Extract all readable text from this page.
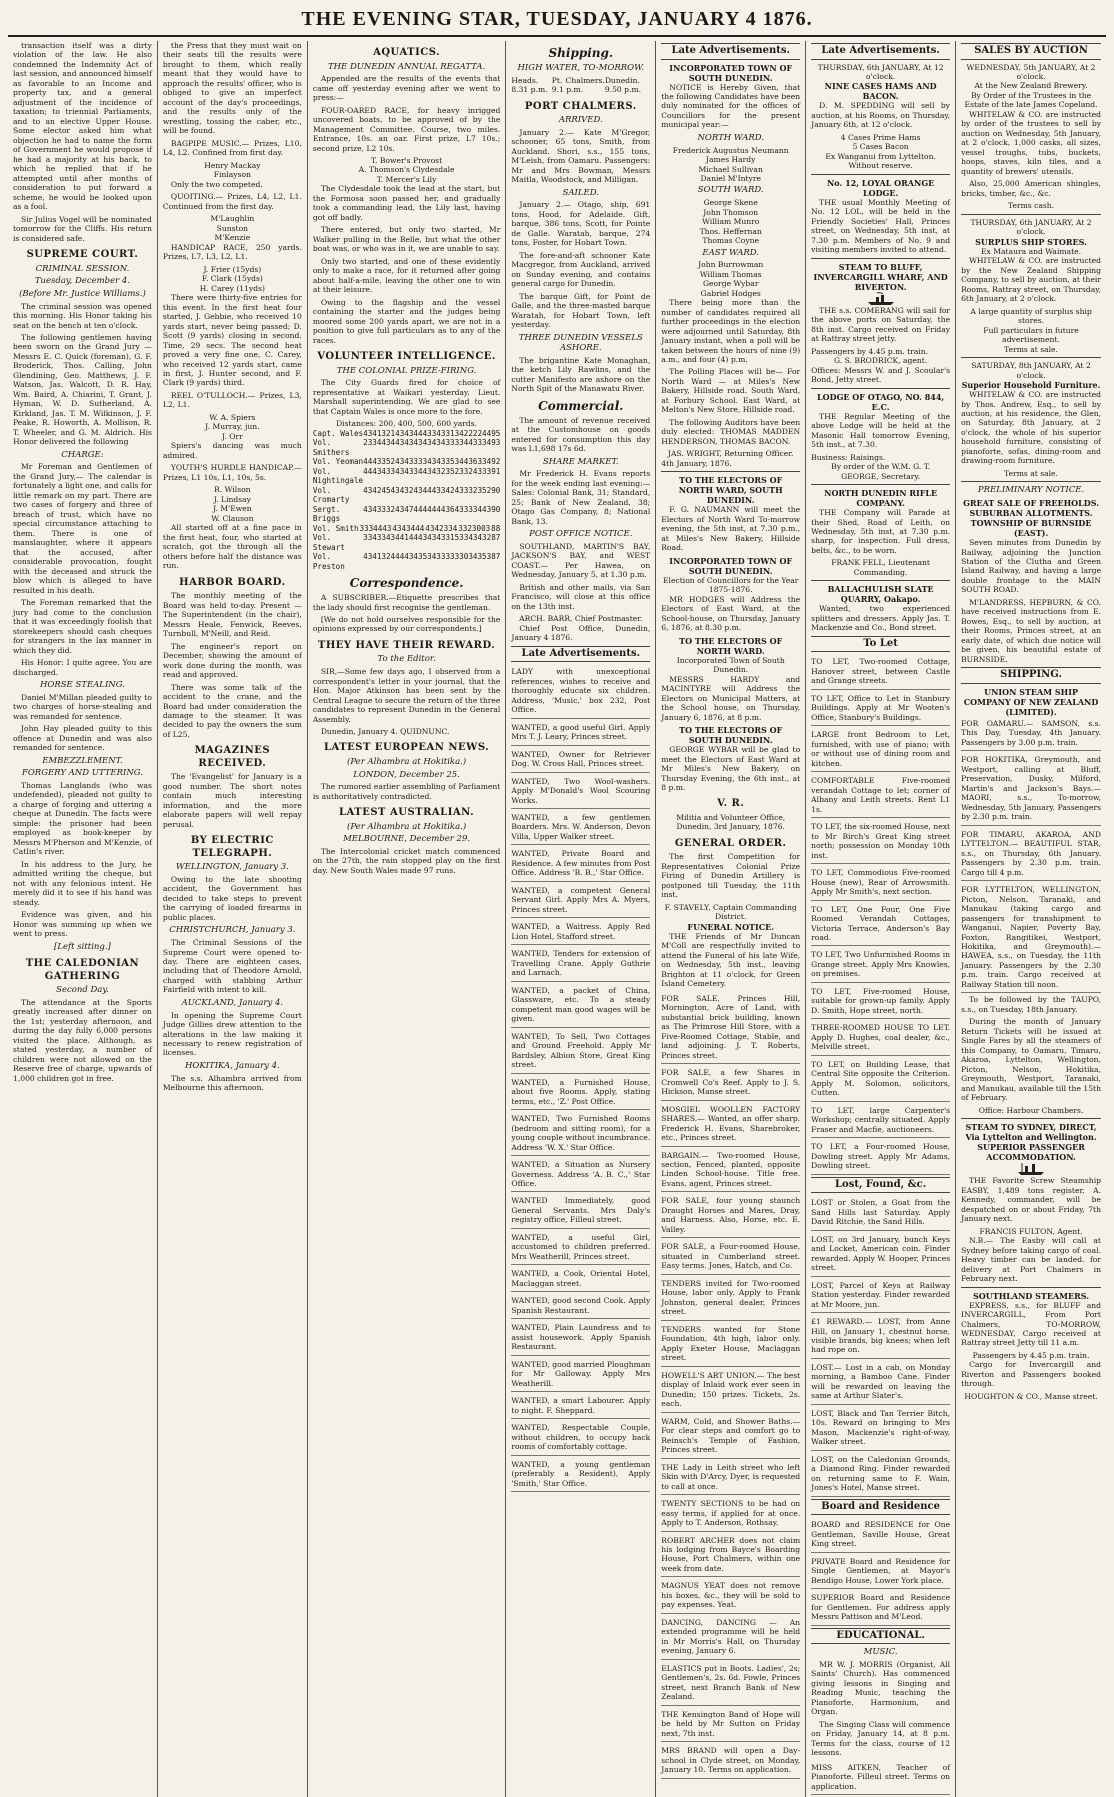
THE EVENING STAR, TUESDAY, JANUARY 4 1876.

transaction itself was a dirty violation of the law. He also condemned the Indemnity Act of last session, and announced himself as favorable to an Income and property tax, and a general adjustment of the incidence of taxation; to triennial Parliaments, and to an elective Upper House. Some elector asked him what objection he had to name the form of Government he would propose if he had a majority at his back, to which he replied that if he attempted until after months of consideration to put forward a scheme, he would be looked upon as a fool.

Sir Julius Vogel will be nominated tomorrow for the Cliffs. His return is considered safe.

SUPREME COURT.
CRIMINAL SESSION.
Tuesday, December 4.
(Before Mr. Justice Williams.)

The criminal session was opened this morning. His Honor taking his seat on the bench at ten o'clock.

The following gentlemen having been sworn on the Grand Jury — Messrs E. C. Quick (foreman), G. F. Broderick, Thos. Calling, John Glendining, Geo. Matthews, J. F. Watson, Jas. Walcott, D. R. Hay, Wm. Baird, A. Chiarini, T. Grant, J. Hyman, W. D. Sutherland, A. Kirkland, Jas. T. M. Wilkinson, J. F. Peake, R. Howorth, A. Mollison, R. T. Wheeler, and G. M. Aldrich. His Honor delivered the following

CHARGE:

Mr Foreman and Gentlemen of the Grand Jury,— The calendar is fortunately a light one, and calls for little remark on my part. There are two cases of forgery and three of breach of trust, which have no special circumstance attaching to them. There is one of manslaughter, where it appears that the accused, after considerable provocation, fought with the deceased and struck the blow which is alleged to have resulted in his death.

The Foreman remarked that the jury had come to the conclusion that it was exceedingly foolish that storekeepers should cash cheques for strangers in the lax manner in which they did.

His Honor: I quite agree. You are discharged.

HORSE STEALING.

Daniel M'Millan pleaded guilty to two charges of horse-stealing and was remanded for sentence.

John Hay pleaded guilty to this offence at Dunedin and was also remanded for sentence.

EMBEZZLEMENT.
FORGERY AND UTTERING.

Thomas Langlands (who was undefended), pleaded not guilty to a charge of forging and uttering a cheque at Dunedin. The facts were simple: the prisoner had been employed as book-keeper by Messrs M'Pherson and M'Kenzie, of Catlin's river.

In his address to the Jury, he admitted writing the cheque, but not with any felonious intent. He merely did it to see if his hand was steady.

Evidence was given, and his Honor was summing up when we went to press.

[Left sitting.]
THE CALEDONIAN GATHERING
Second Day.

The attendance at the Sports greatly increased after dinner on the 1st; yesterday afternoon, and during the day fully 6,000 persons visited the place. Although, as stated yesterday, a number of children were not allowed on the Reserve free of charge, upwards of 1,000 children got in free.

the Press that they must wait on their seats till the results were brought to them, which really meant that they would have to approach the results' officer, who is obliged to give an imperfect account of the day's proceedings, and the results only of the wrestling, tossing the caber, etc., will be found.

BAGPIPE MUSIC.— Prizes, L10, L4, L2. Confined from first day.

Henry Mackay
Finlayson

Only the two competed.

QUOITING.— Prizes, L4, L2, L1. Continued from the first day.

M'Laughlin
Sunston
M'Kenzie

HANDICAP RACE, 250 yards. Prizes, L7, L3, L2, L1.

J. Frier (15yds)
F. Clark (15yds)
H. Carey (11yds)

There were thirty-five entries for this event. In the first heat four started, J. Gebbie, who received 10 yards start, never being passed; D. Scott (9 yards) closing in second. Time, 29 secs. The second heat proved a very fine one, C. Carey, who received 12 yards start, came in first, J. Hunter second, and F. Clark (9 yards) third.

REEL O'TULLOCH.— Prizes, L3, L2, L1.

W. A. Spiers
J. Murray, jun.
J. Orr

Spiers's dancing was much admired.

YOUTH'S HURDLE HANDICAP.— Prizes, L1 10s, L1, 10s, 5s.

R. Wilson
J. Lindsay
J. M'Ewen
W. Clauson

All started off at a fine pace in the first heat, four, who started at scratch, got the through all the others before half the distance was run.

HARBOR BOARD.

The monthly meeting of the Board was held to-day. Present — The Superintendent (in the chair), Messrs Heale, Fenwick, Reeves, Turnbull, M'Neill, and Reid.

The engineer's report on December, showing the amount of work done during the month, was read and approved.

There was some talk of the accident to the crane, and the Board had under consideration the damage to the steamer. It was decided to pay the owners the sum of L25.

MAGAZINES RECEIVED.

The 'Evangelist' for January is a good number. The short notes contain much interesting information, and the more elaborate papers will well repay perusal.

BY ELECTRIC TELEGRAPH.
WELLINGTON, January 3.

Owing to the late shooting accident, the Government has decided to take steps to prevent the carrying of loaded firearms in public places.

CHRISTCHURCH, January 3.

The Criminal Sessions of the Supreme Court were opened to-day. There are eighteen cases, including that of Theodore Arnold, charged with stabbing Arthur Fairfield with intent to kill.

AUCKLAND, January 4.

In opening the Supreme Court Judge Gillies drew attention to the alterations in the law making it necessary to renew registration of licenses.

HOKITIKA, January 4.

The s.s. Alhambra arrived from Melbourne this afternoon.

AQUATICS.
THE DUNEDIN ANNUAL REGATTA.

Appended are the results of the events that came off yesterday evening after we went to press:—

FOUR-OARED RACE, for heavy inrigged uncovered boats, to be approved of by the Management Committee. Course, two miles. Entrance, 10s. an oar. First prize, L7 10s.; second prize, L2 10s.

T. Bower's Provost
A. Thomson's Clydesdale
T. Mercer's Lily

The Clydesdale took the lead at the start, but the Formosa soon passed her, and gradually took a commanding lead, the Lily last, having got off badly.

There entered, but only two started, Mr Walker pulling in the Belle, but what the other boat was, or who was in it, we are unable to say.

Only two started, and one of these evidently only to make a race, for it returned after going about half-a-mile, leaving the other one to win at their leisure.

Owing to the flagship and the vessel containing the starter and the judges being moored some 200 yards apart, we are not in a position to give full particulars as to any of the races.

VOLUNTEER INTELLIGENCE.
THE COLONIAL PRIZE-FIRING.

The City Guards fired for choice of representative at Waikari yesterday. Lieut. Marshall superintending. We are glad to see that Captain Wales is once more to the fore.

Distances: 200, 400, 500, 600 yards.
Capt. Wales 4341321 4343444 3343313 4222244 95
Vol. Smithers
2334434 4343434 3434333 3443334 93
Vol. Yeoman 4443352 4343333 4343353 4436334 92
Vol. Nightingale
4443433 4343344 3432352 3324333 91
Vol. Cromarty
4342454 3432434 4433424 3332352 90
Sergt. Briggs
4343332 4347444 4444364 3333443 90
Vol. Smith 3334443 4343444 4342334 3323003 88
Vol. Stewart
3343343 4414443 4343315 3343432 87
Vol. Preston
4341324 4443435 3433333 3034353 87
Correspondence.

A SUBSCRIBER.—Etiquette prescribes that the lady should first recognise the gentleman.

[We do not hold ourselves responsible for the opinions expressed by our correspondents.]

THEY HAVE THEIR REWARD.
To the Editor.

SIR,—Some few days ago, I observed from a correspondent's letter in your journal, that the Hon. Major Atkinson has been sent by the Central League to secure the return of the three candidates to represent Dunedin in the General Assembly.

Dunedin, January 4. QUIDNUNC.

LATEST EUROPEAN NEWS.
(Per Alhambra at Hokitika.)
LONDON, December 25.

The rumored earlier assembling of Parliament is authoritatively contradicted.

LATEST AUSTRALIAN.
(Per Alhambra at Hokitika.)
MELBOURNE, December 29.

The Intercolonial cricket match commenced on the 27th, the rain stopped play on the first day. New South Wales made 97 runs.

Shipping.
HIGH WATER, TO-MORROW.
Heads. 8.31 p.m.
Pt. Chalmers. 9.1 p.m.
Dunedin. 9.50 p.m.
PORT CHALMERS.
ARRIVED.

January 2.— Kate M'Gregor, schooner, 65 tons, Smith, from Auckland. Shori, s.s., 155 tons, M'Leish, from Oamaru. Passengers: Mr and Mrs Bowman, Messrs Maitla, Woodstock, and Milligan.

SAILED.

January 2.— Otago, ship, 691 tons, Hood, for Adelaide. Gift, barque, 386 tons, Scott, for Pointe de Galle. Waratah, barque, 274 tons, Foster, for Hobart Town.

The fore-and-aft schooner Kate Macgregor, from Auckland, arrived on Sunday evening, and contains general cargo for Dunedin.

The barque Gift, for Point de Galle, and the three-masted barque Waratah, for Hobart Town, left yesterday.

THREE DUNEDIN VESSELS ASHORE.

The brigantine Kate Monaghan, the ketch Lily Rawlins, and the cutter Manifesto are ashore on the North Spit of the Manawatu River.

Commercial.

The amount of revenue received at the Customhouse on goods entered for consumption this day was L1,698 17s 6d.

SHARE MARKET.

Mr Frederick H. Evans reports for the week ending last evening:— Sales: Colonial Bank, 31; Standard, 25; Bank of New Zealand, 38; Otago Gas Company, 8; National Bank, 13.

POST OFFICE NOTICE.

SOUTHLAND, MARTIN'S BAY, JACKSON'S BAY, and WEST COAST.— Per Hawea, on Wednesday, January 5, at 1.30 p.m.

British and other mails, via San Francisco, will close at this office on the 13th inst.

ARCH. BARR, Chief Postmaster.

Chief Post Office, Dunedin, January 4 1876.

Late Advertisements.
LADY with unexceptional references, wishes to receive and thoroughly educate six children. Address, 'Music,' box 232, Post Office.
WANTED, a good useful Girl. Apply Mrs T. J. Leary, Princes street.
WANTED, Owner for Retriever Dog. W. Cross Hall, Princes street.
WANTED, Two Wool-washers. Apply M'Donald's Wool Scouring Works.
WANTED, a few gentlemen Boarders. Mrs. W. Anderson, Devon Villa, Upper Walker street.
WANTED, Private Board and Residence. A few minutes from Post Office. Address 'B. B.,' Star Office.
WANTED, a competent General Servant Girl. Apply Mrs A. Myers, Princes street.
WANTED, a Waitress. Apply Red Lion Hotel, Stafford street.
WANTED, Tenders for extension of Travelling Crane. Apply Guthrie and Larnach.
WANTED, a packet of China, Glassware, etc. To a steady competent man good wages will be given.
WANTED, To Sell, Two Cottages and Ground Freehold. Apply Mr Bardsley, Albion Store, Great King street.
WANTED, a Furnished House, about five Rooms. Apply, stating terms, etc., 'Z.' Post Office.
WANTED, Two Furnished Rooms (bedroom and sitting room), for a young couple without incumbrance. Address 'W. X.' Star Office.
WANTED, a Situation as Nursery Governess. Address 'A. B. C.,' Star Office.
WANTED Immediately, good General Servants. Mrs Daly's registry office, Filleul street.
WANTED, a useful Girl, accustomed to children preferred. Mrs Weatherill, Princes street.
WANTED, a Cook, Oriental Hotel, Maclaggan street.
WANTED, good second Cook. Apply Spanish Restaurant.
WANTED, Plain Laundress and to assist housework. Apply Spanish Restaurant.
WANTED, good married Ploughman for Mr Galloway. Apply Mrs Weatherill.
WANTED, a smart Labourer. Apply to night. F. Sheppard.
WANTED, Respectable Couple, without children, to occupy back rooms of comfortably cottage.
WANTED, a young gentleman (preferably a Resident), Apply 'Smith,' Star Office.
Late Advertisements.
INCORPORATED TOWN OF SOUTH DUNEDIN.

NOTICE is Hereby Given, that the following Candidates have been duly nominated for the offices of Councillors for the present municipal year:—

NORTH WARD.
Frederick Augustus Neumann
James Hardy
Michael Sullivan
Daniel M'Intyre
SOUTH WARD.
George Skene
John Thomson
William Munro
Thos. Heffernan
Thomas Coyne
EAST WARD.
John Burrowman
William Thomas
George Wybar
Gabriel Hodges

There being more than the number of candidates required all further proceedings in the election were adjourned until Saturday, 8th January instant, when a poll will be taken between the hours of nine (9) a.m., and four (4) p.m.

The Polling Places will be— For North Ward — at Miles's New Bakery, Hillside road. South Ward, at Forbury School. East Ward, at Melton's New Store, Hillside road.

The following Auditors have been duly elected: THOMAS MADDEN HENDERSON, THOMAS BACON.

JAS. WRIGHT, Returning Officer.
4th January, 1876.
TO THE ELECTORS OF NORTH WARD, SOUTH DUNEDIN.

F. G. NAUMANN will meet the Electors of North Ward To-morrow evening, the 5th inst, at 7.30 p.m., at Miles's New Bakery, Hillside Road.

INCORPORATED TOWN OF SOUTH DUNEDIN.
Election of Councillors for the Year 1875-1876.

MR HODGES will Address the Electors of East Ward, at the School-house, on Thursday, January 6, 1876, at 8.30 p.m.

TO THE ELECTORS OF NORTH WARD.
Incorporated Town of South Dunedin.

MESSRS HARDY and MACINTYRE will Address the Electors on Municipal Matters, at the School house, on Thursday, January 6, 1876, at 8 p.m.

TO THE ELECTORS OF SOUTH DUNEDIN.

GEORGE WYBAR will be glad to meet the Electors of East Ward at Mr Miles's New Bakery, on Thursday Evening, the 6th inst., at 8 p.m.

V. R.
Militia and Volunteer Office, Dunedin, 3rd January, 1876.
GENERAL ORDER.

The first Competition for Representatives Colonial Prize Firing of Dunedin Artillery is postponed till Tuesday, the 11th inst.

F. STAVELY, Captain Commanding District.
FUNERAL NOTICE.

THE Friends of Mr Duncan M'Coll are respectfully invited to attend the Funeral of his late Wife, on Wednesday, 5th inst., leaving Brighton at 11 o'clock, for Green Island Cemetery.

FOR SALE, Princes Hill, Mornington, Acre of Land, with substantial brick building, known as The Primrose Hill Store, with a Five-Roomed Cottage, Stable, and land adjoining. J. T. Roberts, Princes street.
FOR SALE, a few Shares in Cromwell Co's Reef. Apply to J. S. Hickson, Manse street.
MOSGIEL WOOLLEN FACTORY SHARES.— Wanted, an offer sharp. Frederick H. Evans, Sharebroker, etc., Princes street.
BARGAIN.— Two-roomed House, section, Fenced, planted, opposite Linden School-house. Title free. Evans, agent, Princes street.
FOR SALE, four young staunch Draught Horses and Mares, Dray, and Harness. Also, Horse, etc. E. Valley.
FOR SALE, a Four-roomed House, situated in Cumberland street. Easy terms. Jones, Hatch, and Co.
TENDERS invited for Two-roomed House, labor only. Apply to Frank Johnston, general dealer, Princes street.
TENDERS wanted for Stone Foundation, 4th high, labor only. Apply Exeter House, Maclaggan street.
HOWELL'S ART UNION.— The best display of Inlaid work ever seen in Dunedin; 150 prizes. Tickets, 2s. each.
WARM, Cold, and Shower Baths.— For clear steps and comfort go to Reinsch's Temple of Fashion, Princes street.
THE Lady in Leith street who left Skin with D'Arcy, Dyer, is requested to call at once.
TWENTY SECTIONS to be had on easy terms, if applied for at once. Apply to T. Anderson, Rothsay.
ROBERT ARCHER does not claim his lodging from Bayce's Boarding House, Port Chalmers, within one week from date.
MAGNUS YEAT does not remove his boxes, &c., they will be sold to pay expenses. Yeat.
DANCING, DANCING — An extended programme will be held in Mr Morris's Hall, on Thursday evening, January 6.
ELASTICS put in Boots. Ladies', 2s; Gentlemen's, 2s. 6d. Fowle, Princes street, next Branch Bank of New Zealand.
THE Kensington Band of Hope will be held by Mr Sutton on Friday next, 7th inst.
MRS BRAND will open a Day-school in Clyde street, on Monday, January 10. Terms on application.
Late Advertisements.
THURSDAY, 6th JANUARY, At 12 o'clock.
NINE CASES HAMS AND BACON.

D. M. SPEDDING will sell by auction, at his Rooms, on Thursday, January 6th, at 12 o'clock.

4 Cases Prime Hams
5 Cases Bacon
Ex Wanganui from Lyttelton.
Without reserve.
No. 12, LOYAL ORANGE LODGE.

THE usual Monthly Meeting of No. 12 LOL, will be held in the Friendly Societies' Hall, Princes street, on Wednesday, 5th inst, at 7.30 p.m. Members of No. 9 and visiting members invited to attend.

STEAM TO BLUFF, INVERCARGILL WHARF, AND RIVERTON.

THE s.s. COMERANG will sail for the above ports on Saturday, the 8th inst. Cargo received on Friday at Rattray street jetty.

Passengers by 4.45 p.m. train.
G. S. BRODRICK, agent.
Offices: Messrs W. and J. Scoular's Bond, Jetty street.
LODGE OF OTAGO, NO. 844, E.C.

THE Regular Meeting of the above Lodge will be held at the Masonic Hall tomorrow Evening, 5th inst., at 7.30.

Business: Raisings.
By order of the W.M. G. T. GEORGE, Secretary.
NORTH DUNEDIN RIFLE COMPANY.

THE Company will Parade at their Shed, Road of Leith, on Wednesday, 5th inst, at 7.30 p.m. sharp, for inspection. Full dress, belts, &c., to be worn.

FRANK FELL, Lieutenant Commanding.
BALLACHULISH SLATE QUARRY, Oakapo.

Wanted, two experienced splitters and dressers. Apply Jas. T. Mackenzie and Co., Bond street.

To Let
TO LET, Two-roomed Cottage, Hanover street, between Castle and Grange streets.
TO LET, Office to Let in Stanbury Buildings. Apply at Mr Wooten's Office, Stanbury's Buildings.
LARGE front Bedroom to Let, furnished, with use of piano; with or without use of dining room and kitchen.
COMFORTABLE Five-roomed verandah Cottage to let; corner of Albany and Leith streets. Rent L1 1s.
TO LET, the six-roomed House, next to Mr Birch's Great King street north; possession on Monday 10th inst.
TO LET, Commodious Five-roomed House (new), Rear of Arrowsmith. Apply Mr Smith's, next section.
TO LET, One Four, One Five Roomed Verandah Cottages, Victoria Terrace, Anderson's Bay road.
TO LET, Two Unfurnished Rooms in Grange street. Apply Mrs Knowles, on premises.
TO LET, Five-roomed House, suitable for grown-up family. Apply D. Smith, Hope street, north.
THREE-ROOMED HOUSE TO LET. Apply D. Hughes, coal dealer, &c., Melville street.
TO LET, on Building Lease, that Central Site opposite the Criterion. Apply M. Solomon, solicitors, Cutten.
TO LET, large Carpenter's Workshop; centrally situated. Apply Fraser and Macfie, auctioneers.
TO LET, a Four-roomed House, Dowling street. Apply Mr Adams, Dowling street.
Lost, Found, &c.
LOST or Stolen, a Goat from the Sand Hills last Saturday. Apply David Ritchie, the Sand Hills.
LOST, on 3rd January, bunch Keys and Locket, American coin. Finder rewarded. Apply W. Hooper, Princes street.
LOST, Parcel of Keys at Railway Station yesterday. Finder rewarded at Mr Moore, jun.
£1 REWARD.— LOST, from Anne Hill, on January 1, chestnut horse, visible brands, big knees; when left had rope on.
LOST.— Lost in a cab, on Monday morning, a Bamboo Cane. Finder will be rewarded on leaving the same at Arthur Slater's.
LOST, Black and Tan Terrier Bitch, 10s. Reward on bringing to Mrs Mason, Mackenzie's right-of-way, Walker street.
LOST, on the Caledonian Grounds, a Diamond Ring. Finder rewarded on returning same to F. Wain, Jones's Hotel, Manse street.
Board and Residence
BOARD and RESIDENCE for One Gentleman, Saville House, Great King street.
PRIVATE Board and Residence for Single Gentlemen, at Mayor's Bendigo House, Lower York place.
SUPERIOR Board and Residence for Gentlemen. For address apply Messrs Pattison and M'Leod.
EDUCATIONAL.
MUSIC.

MR W. J. MORRIS (Organist, All Saints' Church). Has commenced giving lessons in Singing and Reading Music, teaching the Pianoforte, Harmonium, and Organ.

The Singing Class will commence on Friday, January 14, at 8 p.m. Terms for the class, course of 12 lessons.

MISS AITKEN, Teacher of Pianoforte. Filleul street. Terms on application.
SALES BY AUCTION
WEDNESDAY, 5th JANUARY, At 2 o'clock.
At the New Zealand Brewery.
By Order of the Trustees in the Estate of the late James Copeland.

WHITELAW & CO. are instructed by order of the trustees to sell by auction on Wednesday, 5th January, at 2 o'clock, 1,000 casks, all sizes, vessel troughs, tubs, buckets, hoops, staves, kiln tiles, and a quantity of brewers' utensils.

Also, 25,000 American shingles, bricks, timber, &c., &c.

Terms cash.
THURSDAY, 6th JANUARY, At 2 o'clock.
SURPLUS SHIP STORES.
Ex Mataura and Waimate.

WHITELAW & CO. are instructed by the New Zealand Shipping Company, to sell by auction, at their Rooms, Rattray street, on Thursday, 6th January, at 2 o'clock.

A large quantity of surplus ship stores.
Full particulars in future advertisement.
Terms at sale.
SATURDAY, 8th JANUARY, At 2 o'clock.
Superior Household Furniture.

WHITELAW & CO. are instructed by Thos. Andrew, Esq., to sell by auction, at his residence, the Glen, on Saturday, 8th January, at 2 o'clock, the whole of his superior household furniture, consisting of pianoforte, sofas, dining-room and drawing-room furniture.

Terms at sale.
PRELIMINARY NOTICE.
GREAT SALE OF FREEHOLDS.
SUBURBAN ALLOTMENTS.
TOWNSHIP OF BURNSIDE (EAST).

Seven minutes from Dunedin by Railway, adjoining the Junction Station of the Clutha and Green Island Railway, and having a large double frontage to the MAIN SOUTH ROAD.

M'LANDRESS, HEPBURN, & CO. have received instructions from E. Bowes, Esq., to sell by auction, at their Rooms, Princes street, at an early date, of which due notice will be given, his beautiful estate of BURNSIDE.

SHIPPING.
UNION STEAM SHIP COMPANY OF NEW ZEALAND (LIMITED).
FOR OAMARU.— SAMSON, s.s. This Day, Tuesday, 4th January. Passengers by 3.00 p.m. train.
FOR HOKITIKA, Greymouth, and Westport, calling at Bluff, Preservation, Dusky, Milford, Martin's and Jackson's Bays.— MAORI, s.s., To-morrow, Wednesday, 5th January. Passengers by 2.30 p.m. train.
FOR TIMARU, AKAROA, AND LYTTELTON.— BEAUTIFUL STAR, s.s., on Thursday, 6th January. Passengers by 2.30 p.m. train. Cargo till 4 p.m.
FOR LYTTELTON, WELLINGTON, Picton, Nelson, Taranaki, and Manukau (taking cargo and passengers for transhipment to Wanganui, Napier, Poverty Bay, Foxton, Rangitikei, Westport, Hokitika, and Greymouth).— HAWEA, s.s., on Tuesday, the 11th January. Passengers by the 2.30 p.m. train. Cargo received at Railway Station till noon.

To be followed by the TAUPO, s.s., on Tuesday, 18th January.

During the month of January Return Tickets will be issued at Single Fares by all the steamers of this Company, to Oamaru, Timaru, Akaroa, Lyttelton, Wellington, Picton, Nelson, Hokitika, Greymouth, Westport, Taranaki, and Manukau, available till the 15th of February.

Office: Harbour Chambers.
STEAM TO SYDNEY, DIRECT, Via Lyttelton and Wellington.
SUPERIOR PASSENGER ACCOMMODATION.

THE Favorite Screw Steamship EASBY, 1,489 tons register, A. Kennedy, commander, will be despatched on or about Friday, 7th January next.

FRANCIS FULTON, Agent.

N.B.— The Easby will call at Sydney before taking cargo of coal. Heavy timber can be landed. for delivery at Port Chalmers in February next.

SOUTHLAND STEAMERS.

EXPRESS, s.s., for BLUFF and INVERCARGILL, From Port Chalmers, TO-MORROW, WEDNESDAY, Cargo received at Rattray street Jetty till 11 a.m.

Passengers by 4.45 p.m. train.

Cargo for Invercargill and Riverton and Passengers booked through.

HOUGHTON & CO., Manse street.
